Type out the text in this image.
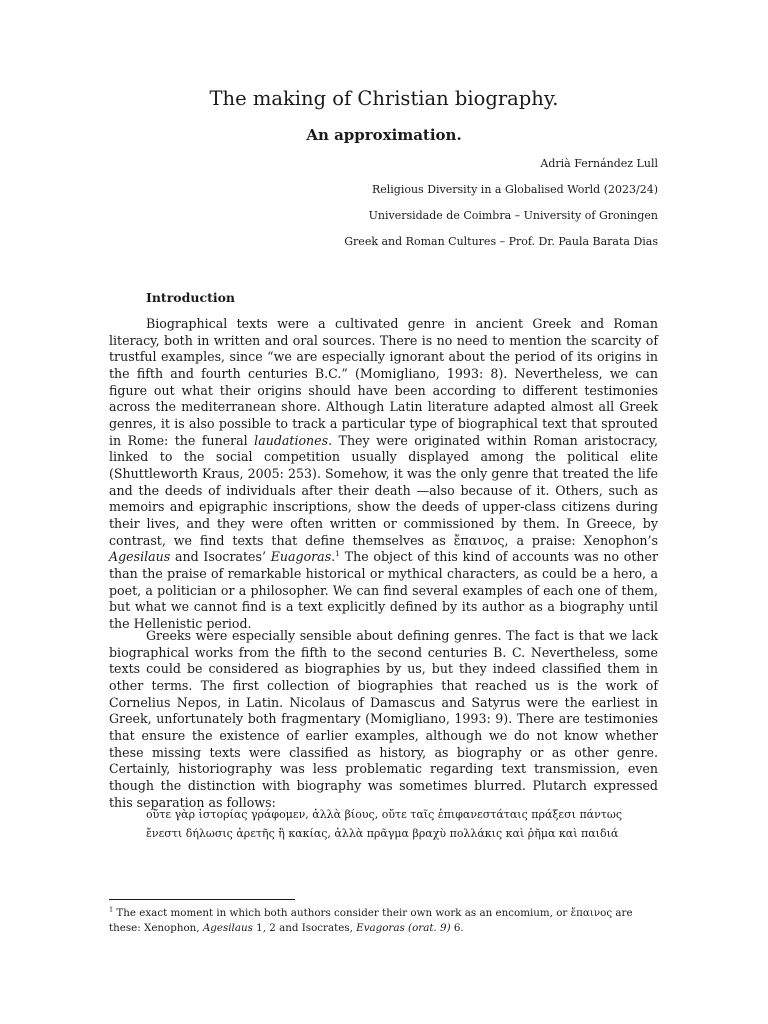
The making of Christian biography.
An approximation.
Adrià Fernández Lull
Religious Diversity in a Globalised World (2023/24)
Universidade de Coimbra – University of Groningen
Greek and Roman Cultures – Prof. Dr. Paula Barata Dias
Introduction

Biographical texts were a cultivated genre in ancient Greek and Roman literacy, both in written and oral sources. There is no need to mention the scarcity of trustful examples, since “we are especially ignorant about the period of its origins in the fifth and fourth centuries B.C.” (Momigliano, 1993: 8). Nevertheless, we can figure out what their origins should have been according to different testimonies across the mediterranean shore. Although Latin literature adapted almost all Greek genres, it is also possible to track a particular type of biographical text that sprouted in Rome: the funeral laudationes. They were originated within Roman aristocracy, linked to the social competition usually displayed among the political elite (Shuttleworth Kraus, 2005: 253). Somehow, it was the only genre that treated the life and the deeds of individuals after their death —also because of it. Others, such as memoirs and epigraphic inscriptions, show the deeds of upper-class citizens during their lives, and they were often written or commissioned by them. In Greece, by contrast, we find texts that define themselves as ἔπαινος, a praise: Xenophon’s Agesilaus and Isocrates’ Euagoras.$^1$ The object of this kind of accounts was no other than the praise of remarkable historical or mythical characters, as could be a hero, a poet, a politician or a philosopher. We can find several examples of each one of them, but what we cannot find is a text explicitly defined by its author as a biography until the Hellenistic period.

Greeks were especially sensible about defining genres. The fact is that we lack biographical works from the fifth to the second centuries B. C. Nevertheless, some texts could be considered as biographies by us, but they indeed classified them in other terms. The first collection of biographies that reached us is the work of Cornelius Nepos, in Latin. Nicolaus of Damascus and Satyrus were the earliest in Greek, unfortunately both fragmentary (Momigliano, 1993: 9). There are testimonies that ensure the existence of earlier examples, although we do not know whether these missing texts were classified as history, as biography or as other genre. Certainly, historiography was less problematic regarding text transmission, even though the distinction with biography was sometimes blurred. Plutarch expressed this separation as follows:

οὔτε γὰρ ἱστορίας γράφομεν, ἀλλὰ βίους, οὔτε ταῖς ἐπιφανεστάταις πράξεσι πάντως
ἔνεστι δήλωσις ἀρετῆς ἢ κακίας, ἀλλὰ πρᾶγμα βραχὺ πολλάκις καὶ ῥῆμα καὶ παιδιά

$^1$ The exact moment in which both authors consider their own work as an encomium, or ἔπαινος are these: Xenophon, Agesilaus 1, 2 and Isocrates, Evagoras (orat. 9) 6.
